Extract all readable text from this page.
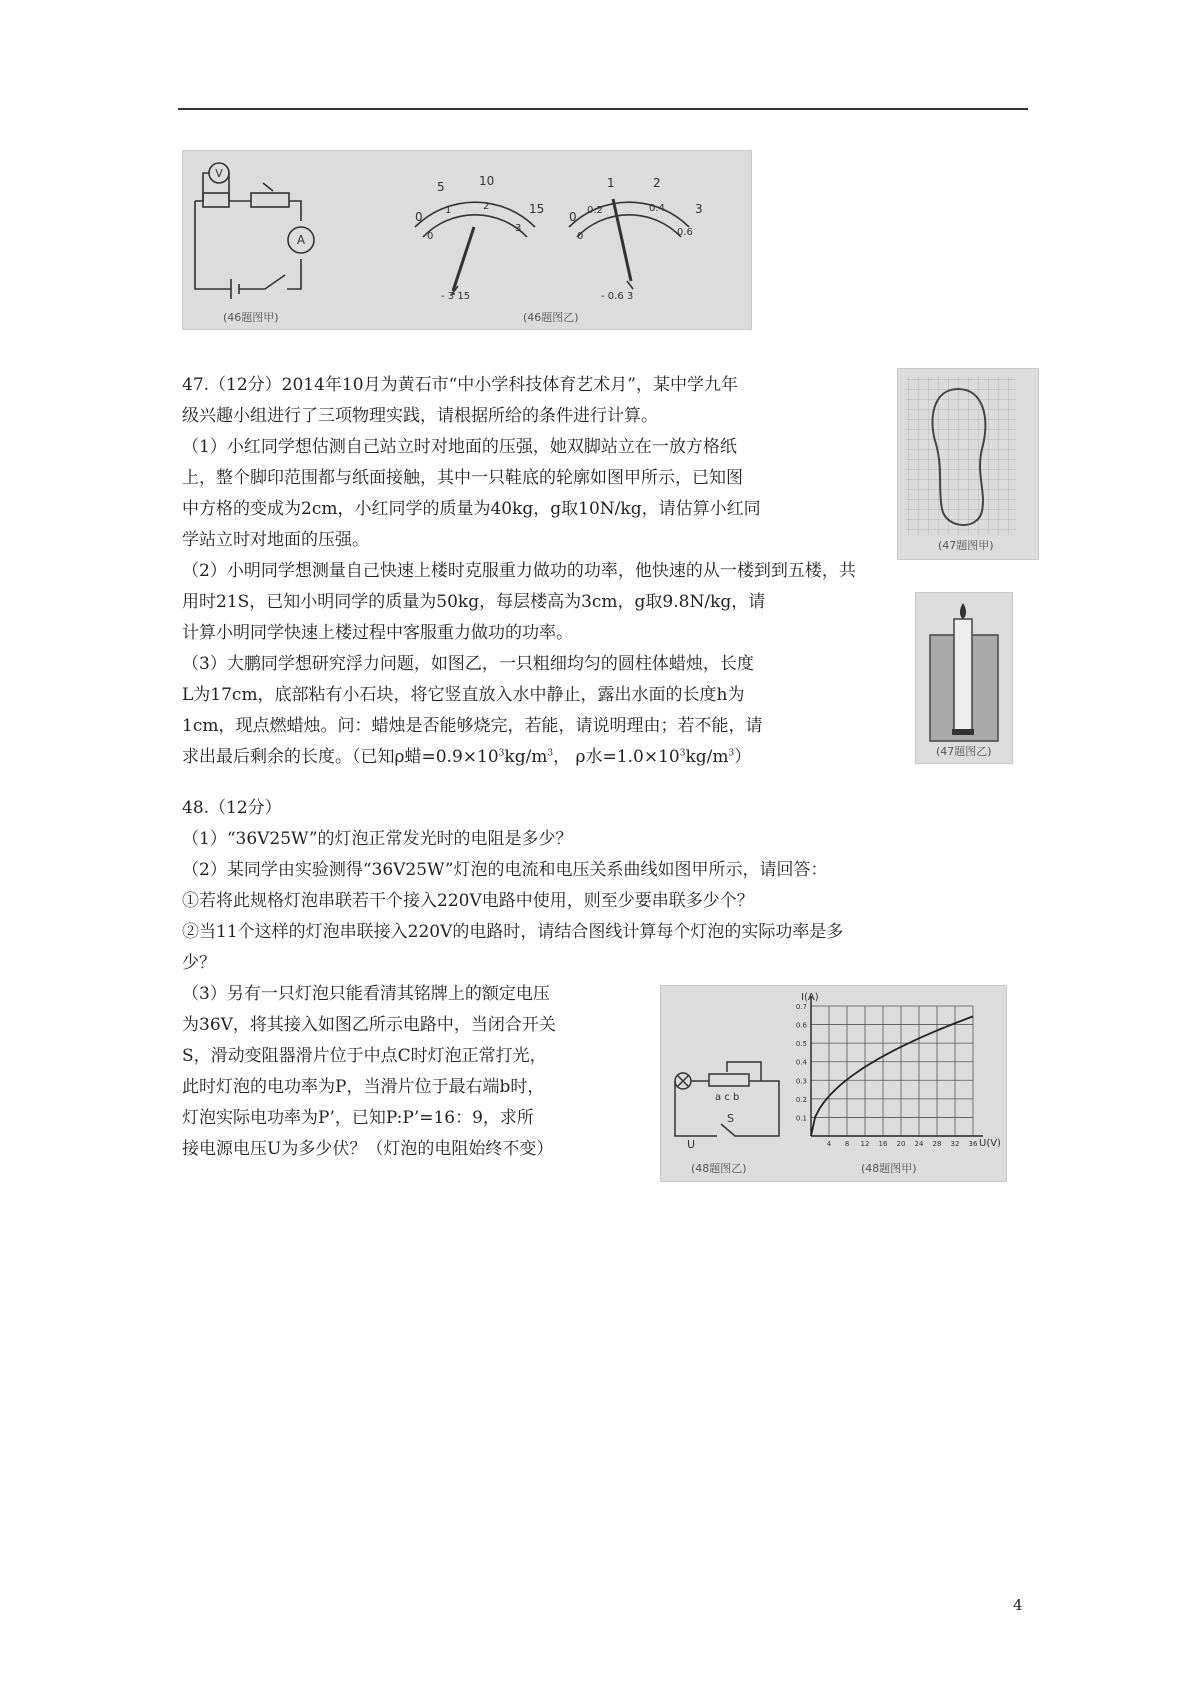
V
A
(46题图甲)
0
5	10
15
0
1	2
3
- 3 15
0
1	2
3
0
0.2	0.4
0.6
- 0.6 3
(46题图乙)
47.（12分）2014年10月为黄石市“中小学科技体育艺术月”，某中学九年
级兴趣小组进行了三项物理实践，请根据所给的条件进行计算。
（1）小红同学想估测自己站立时对地面的压强，她双脚站立在一放方格纸
上，整个脚印范围都与纸面接触，其中一只鞋底的轮廓如图甲所示，已知图
中方格的变成为2cm，小红同学的质量为40kg，g取10N/kg，请估算小红同
学站立时对地面的压强。
（2）小明同学想测量自己快速上楼时克服重力做功的功率，他快速的从一楼到到五楼，共
用时21S，已知小明同学的质量为50kg，每层楼高为3cm，g取9.8N/kg，请
计算小明同学快速上楼过程中客服重力做功的功率。
（3）大鹏同学想研究浮力问题，如图乙，一只粗细均匀的圆柱体蜡烛，长度
L为17cm，底部粘有小石块，将它竖直放入水中静止，露出水面的长度h为
1cm，现点燃蜡烛。问：蜡烛是否能够烧完，若能，请说明理由；若不能，请
求出最后剩余的长度。（已知ρ蜡$=0.9\times 10^3kg/m^3$， ρ水$=1.0\times 10^3kg/m^3$）
(47题图甲)
(47题图乙)
48.（12分）
（1）“36V25W”的灯泡正常发光时的电阻是多少？
（2）某同学由实验测得“36V25W”灯泡的电流和电压关系曲线如图甲所示，请回答：
①若将此规格灯泡串联若干个接入220V电路中使用，则至少要串联多少个？
②当11个这样的灯泡串联接入220V的电路时，请结合图线计算每个灯泡的实际功率是多
少？
（3）另有一只灯泡只能看清其铭牌上的额定电压
为36V，将其接入如图乙所示电路中，当闭合开关
S，滑动变阻器滑片位于中点C时灯泡正常打光，
此时灯泡的电功率为P，当滑片位于最右端b时，
灯泡实际电功率为P’，已知P:P’=16：9，求所
接电源电压U为多少伏？（灯泡的电阻始终不变）
a c b
U
S
(48题图乙)
0.1
0.2
0.3
0.4
0.5
0.6
0.7
4 8 12 16 20 24 28 32 36
I(A)
U(V)
(48题图甲)
4
